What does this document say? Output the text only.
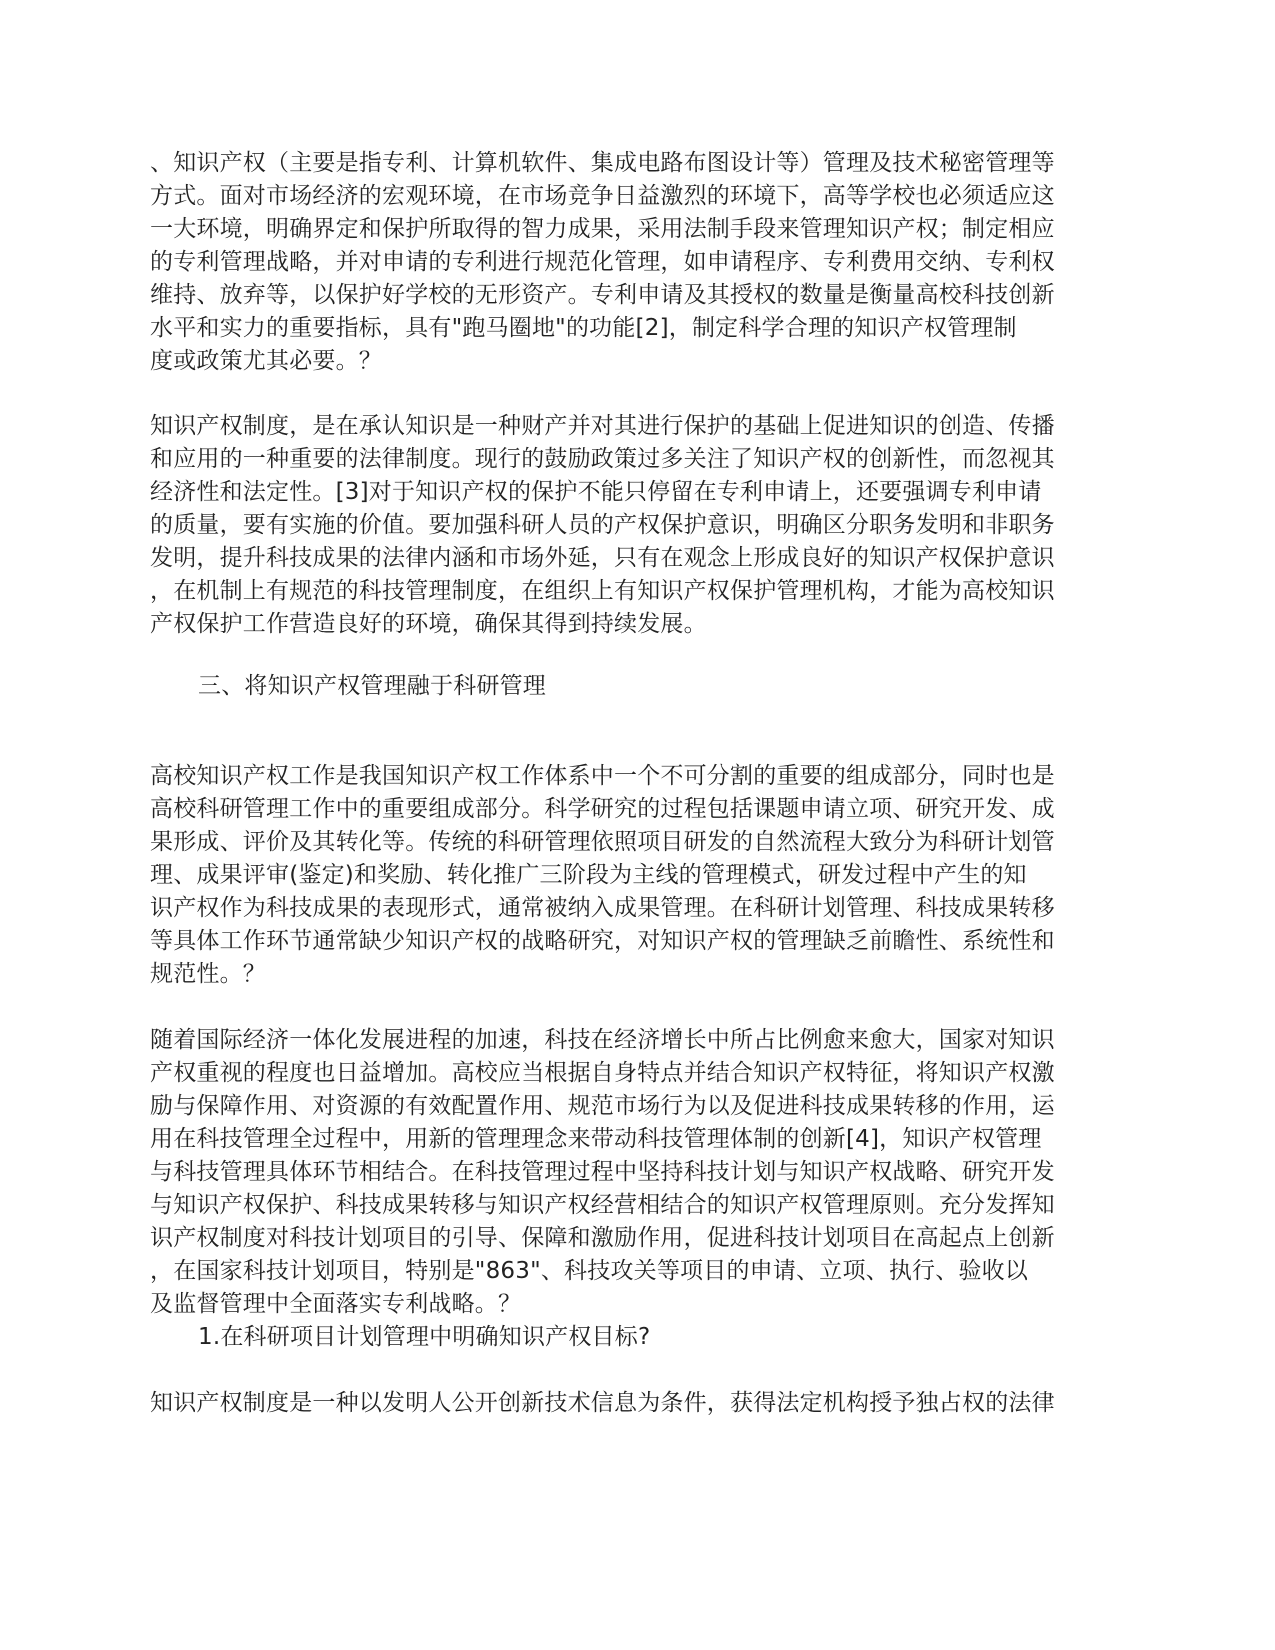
、知识产权（主要是指专利、计算机软件、集成电路布图设计等）管理及技术秘密管理等
方式。面对市场经济的宏观环境，在市场竞争日益激烈的环境下，高等学校也必须适应这
一大环境，明确界定和保护所取得的智力成果，采用法制手段来管理知识产权；制定相应
的专利管理战略，并对申请的专利进行规范化管理，如申请程序、专利费用交纳、专利权
维持、放弃等，以保护好学校的无形资产。专利申请及其授权的数量是衡量高校科技创新
水平和实力的重要指标，具有"跑马圈地"的功能[2]，制定科学合理的知识产权管理制
度或政策尤其必要。？
知识产权制度，是在承认知识是一种财产并对其进行保护的基础上促进知识的创造、传播
和应用的一种重要的法律制度。现行的鼓励政策过多关注了知识产权的创新性，而忽视其
经济性和法定性。[3]对于知识产权的保护不能只停留在专利申请上，还要强调专利申请
的质量，要有实施的价值。要加强科研人员的产权保护意识，明确区分职务发明和非职务
发明，提升科技成果的法律内涵和市场外延，只有在观念上形成良好的知识产权保护意识
，在机制上有规范的科技管理制度，在组织上有知识产权保护管理机构，才能为高校知识
产权保护工作营造良好的环境，确保其得到持续发展。
三、将知识产权管理融于科研管理
高校知识产权工作是我国知识产权工作体系中一个不可分割的重要的组成部分，同时也是
高校科研管理工作中的重要组成部分。科学研究的过程包括课题申请立项、研究开发、成
果形成、评价及其转化等。传统的科研管理依照项目研发的自然流程大致分为科研计划管
理、成果评审(鉴定)和奖励、转化推广三阶段为主线的管理模式，研发过程中产生的知
识产权作为科技成果的表现形式，通常被纳入成果管理。在科研计划管理、科技成果转移
等具体工作环节通常缺少知识产权的战略研究，对知识产权的管理缺乏前瞻性、系统性和
规范性。？
随着国际经济一体化发展进程的加速，科技在经济增长中所占比例愈来愈大，国家对知识
产权重视的程度也日益增加。高校应当根据自身特点并结合知识产权特征，将知识产权激
励与保障作用、对资源的有效配置作用、规范市场行为以及促进科技成果转移的作用，运
用在科技管理全过程中，用新的管理理念来带动科技管理体制的创新[4]，知识产权管理
与科技管理具体环节相结合。在科技管理过程中坚持科技计划与知识产权战略、研究开发
与知识产权保护、科技成果转移与知识产权经营相结合的知识产权管理原则。充分发挥知
识产权制度对科技计划项目的引导、保障和激励作用，促进科技计划项目在高起点上创新
，在国家科技计划项目，特别是"863"、科技攻关等项目的申请、立项、执行、验收以
及监督管理中全面落实专利战略。？
1.在科研项目计划管理中明确知识产权目标?
知识产权制度是一种以发明人公开创新技术信息为条件，获得法定机构授予独占权的法律
